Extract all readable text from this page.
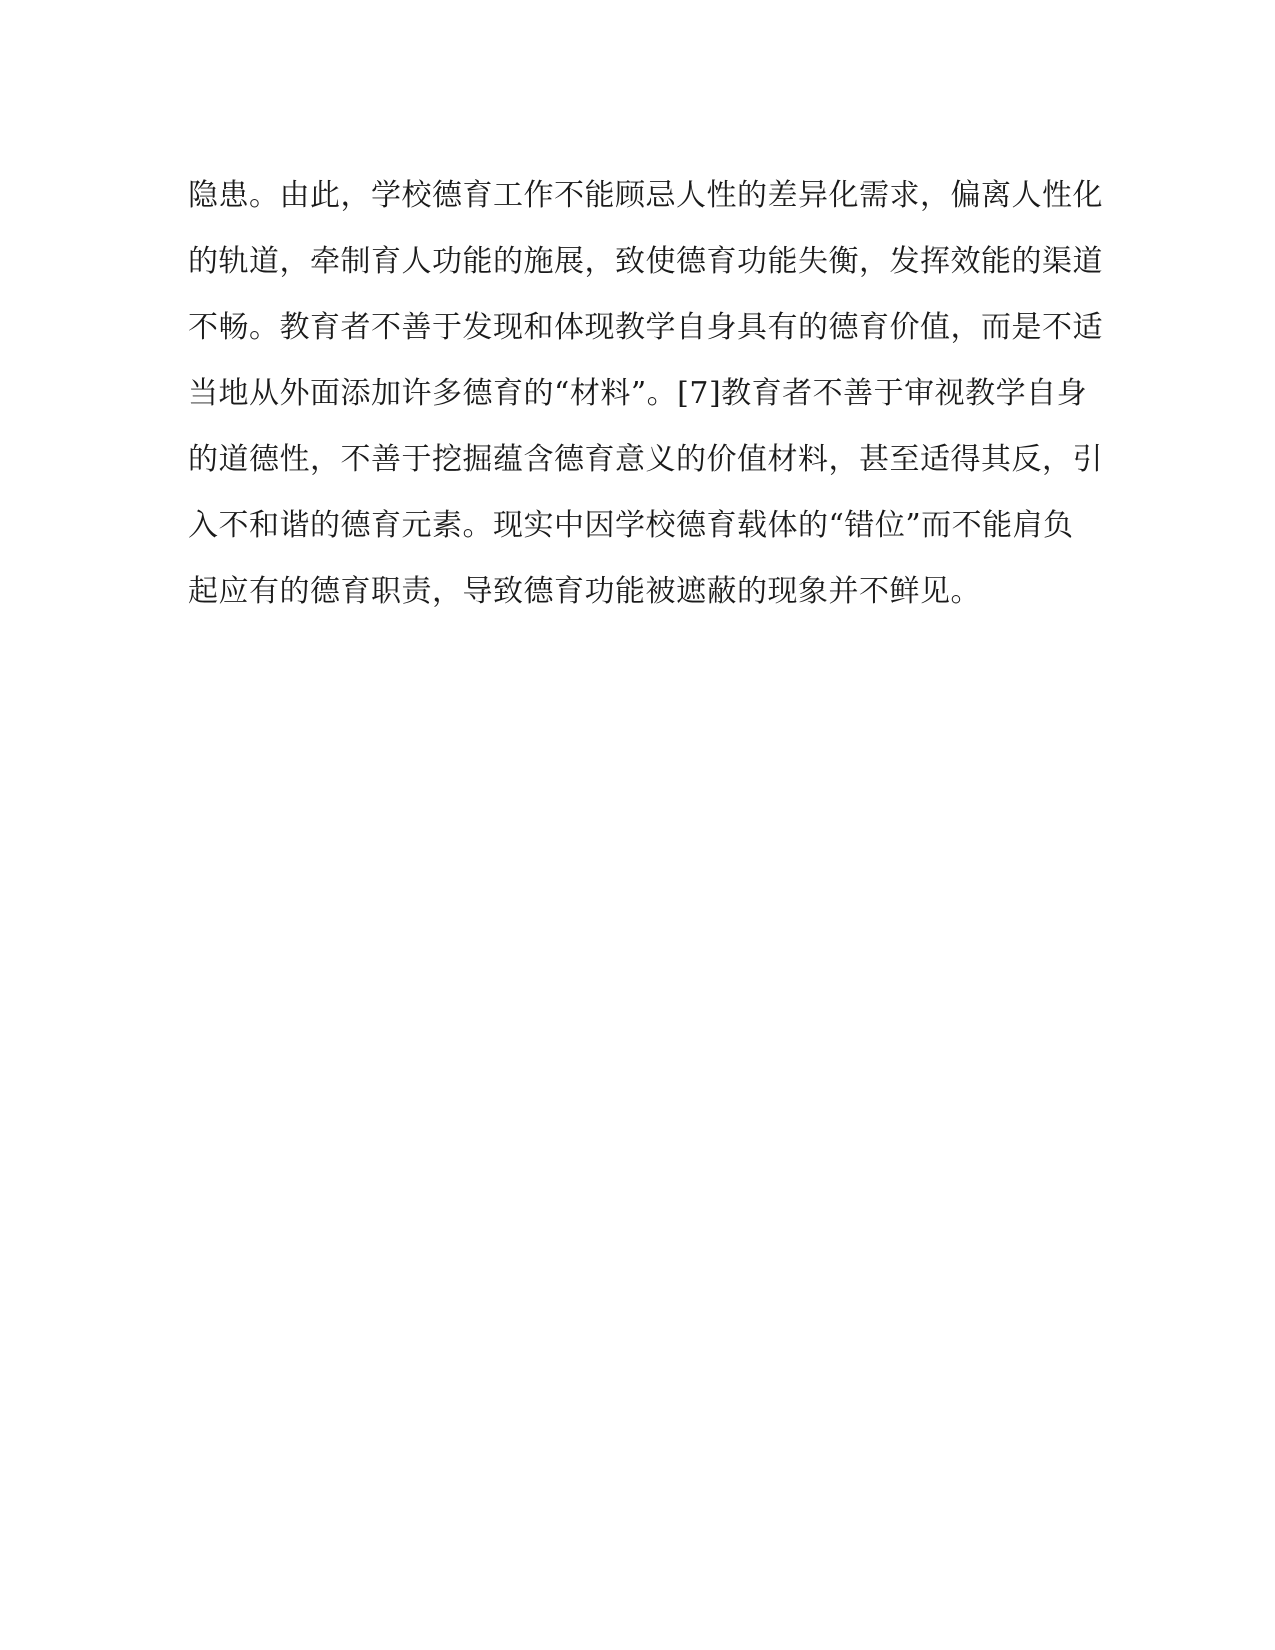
隐患。由此，学校德育工作不能顾忌人性的差异化需求，偏离人性化
的轨道，牵制育人功能的施展，致使德育功能失衡，发挥效能的渠道
不畅。教育者不善于发现和体现教学自身具有的德育价值，而是不适
当地从外面添加许多德育的“材料”。[7]教育者不善于审视教学自身
的道德性，不善于挖掘蕴含德育意义的价值材料，甚至适得其反，引
入不和谐的德育元素。现实中因学校德育载体的“错位”而不能肩负
起应有的德育职责，导致德育功能被遮蔽的现象并不鲜见。
